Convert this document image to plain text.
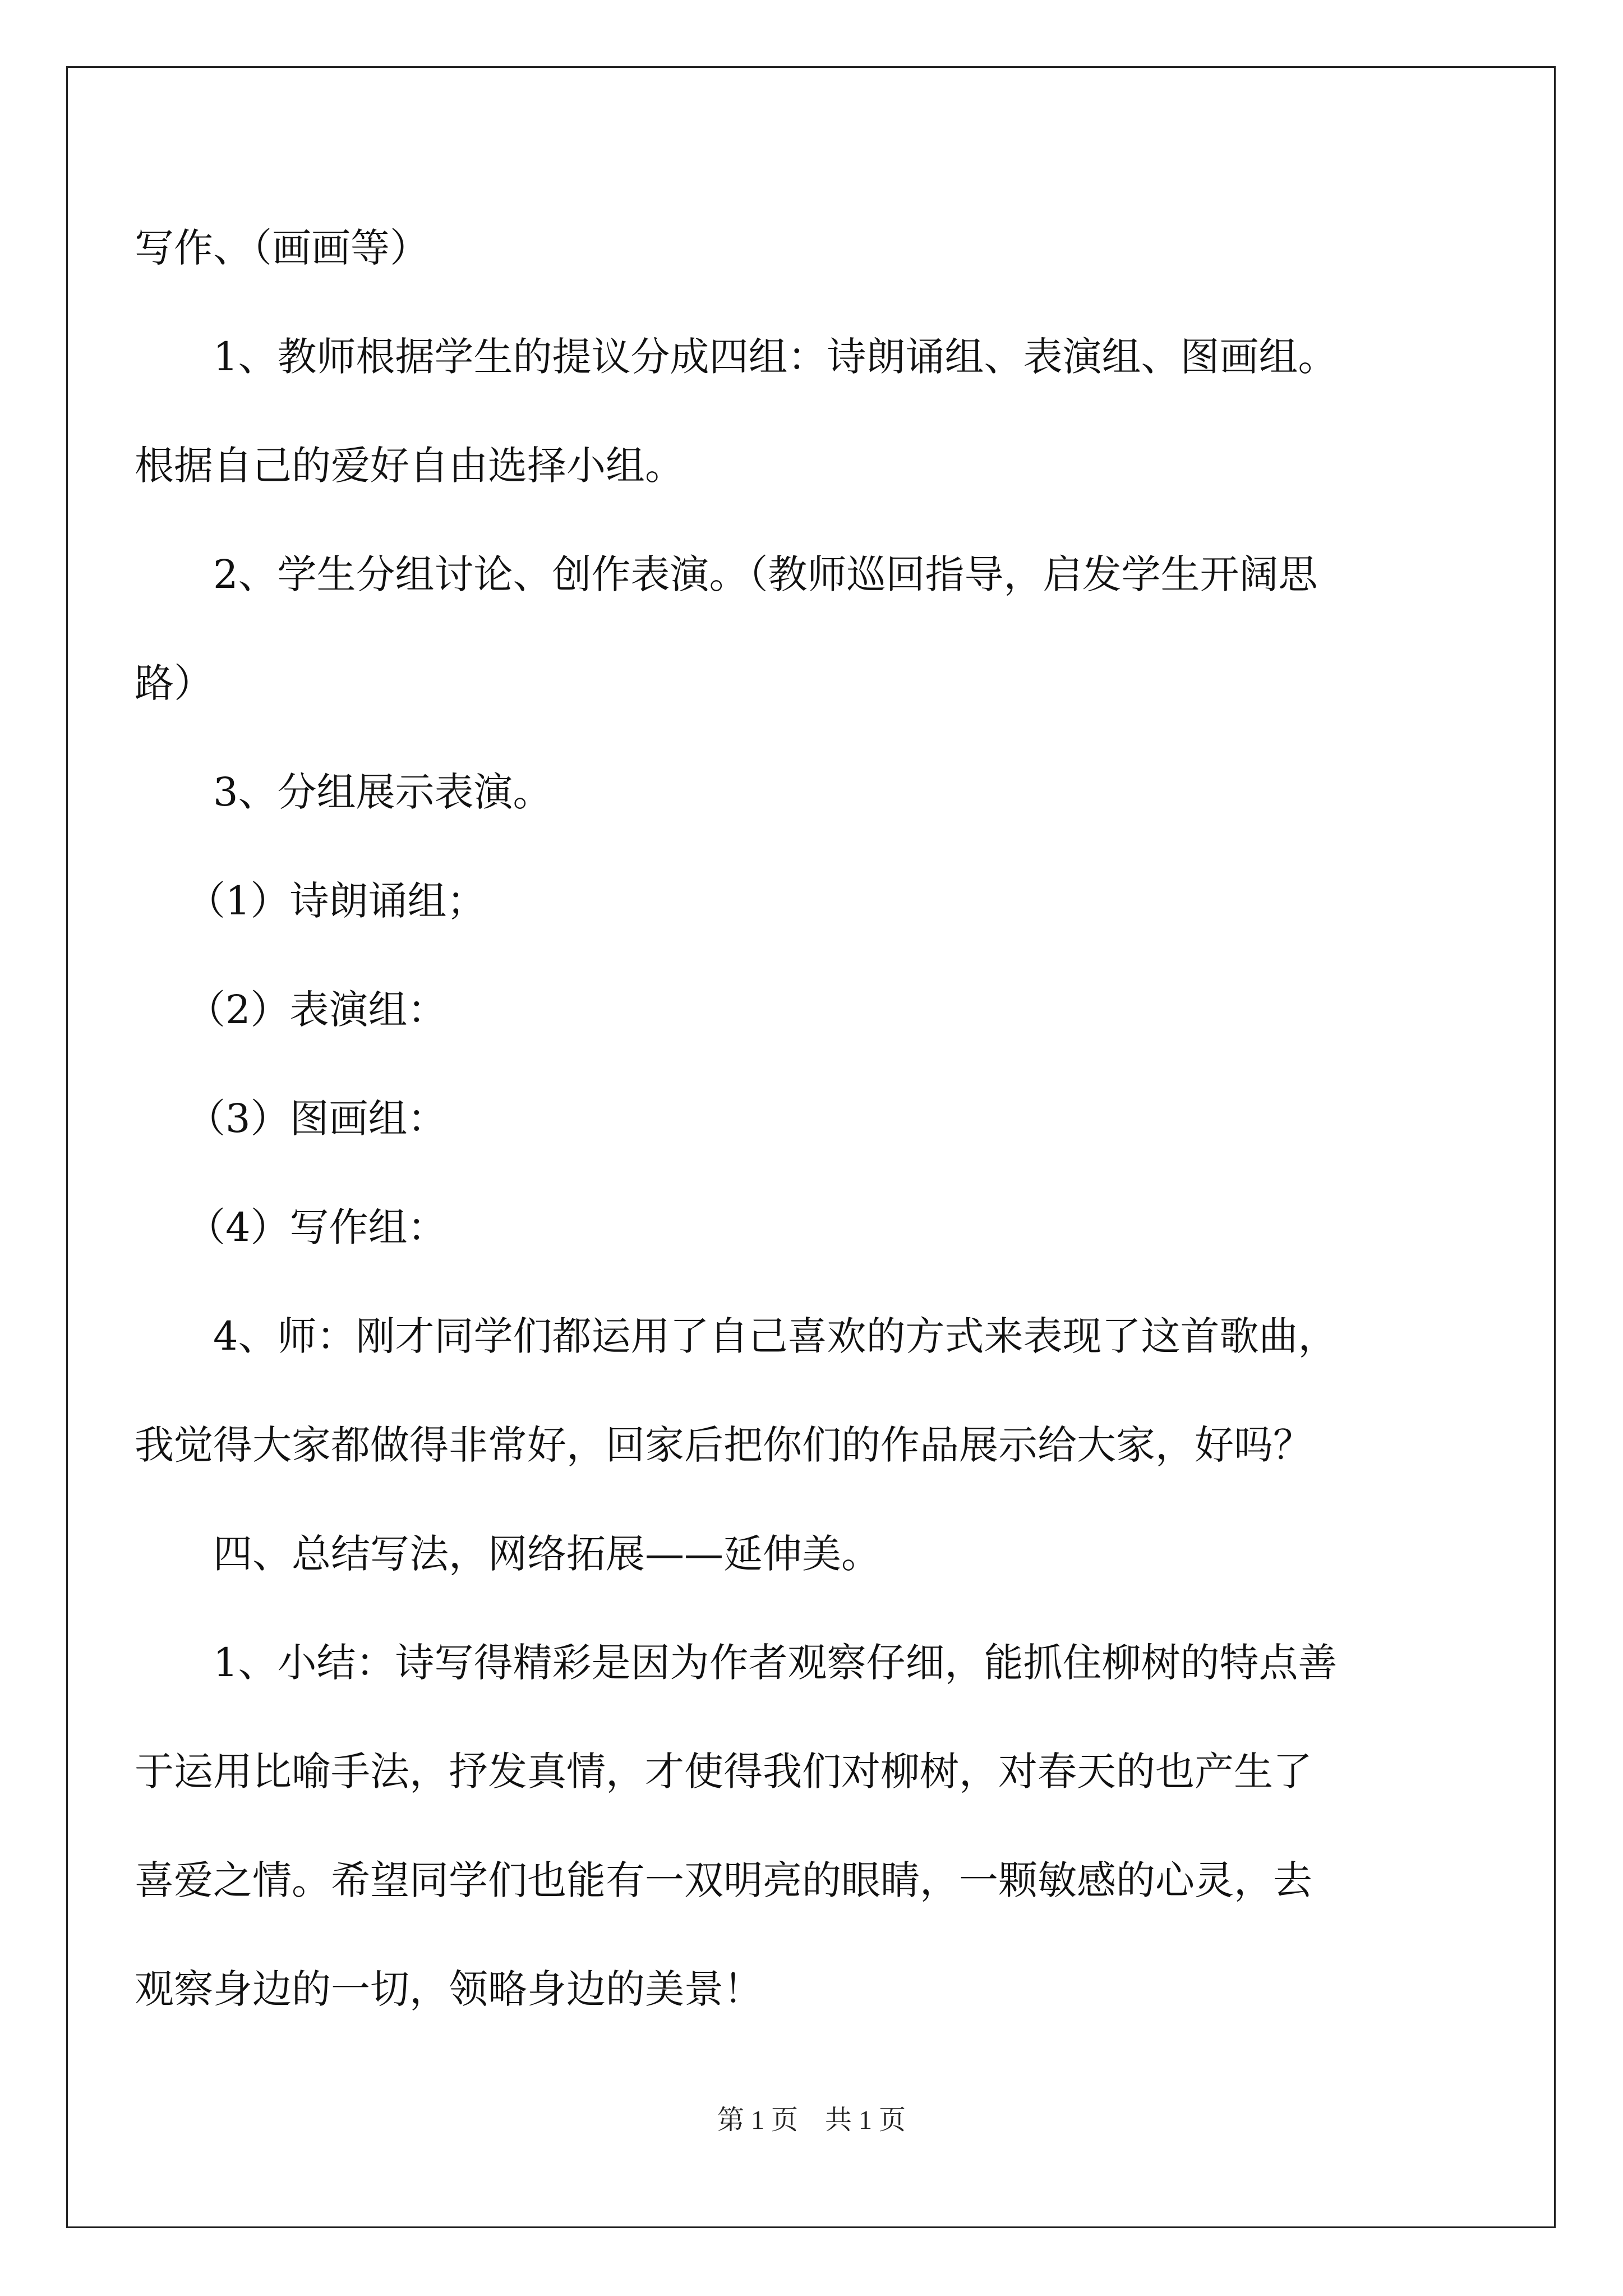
写作、（画画等）
1、教师根据学生的提议分成四组：诗朗诵组、表演组、图画组。
根据自己的爱好自由选择小组。
2、学生分组讨论、创作表演。（教师巡回指导，启发学生开阔思
路）
3、分组展示表演。
（1）诗朗诵组；
（2）表演组：
（3）图画组：
（4）写作组：
4、师：刚才同学们都运用了自己喜欢的方式来表现了这首歌曲，
我觉得大家都做得非常好，回家后把你们的作品展示给大家，好吗？
四、总结写法，网络拓展——延伸美。
1、小结：诗写得精彩是因为作者观察仔细，能抓住柳树的特点善
于运用比喻手法，抒发真情，才使得我们对柳树，对春天的也产生了
喜爱之情。希望同学们也能有一双明亮的眼睛，一颗敏感的心灵，去
观察身边的一切，领略身边的美景！
第 1 页　共 1 页
